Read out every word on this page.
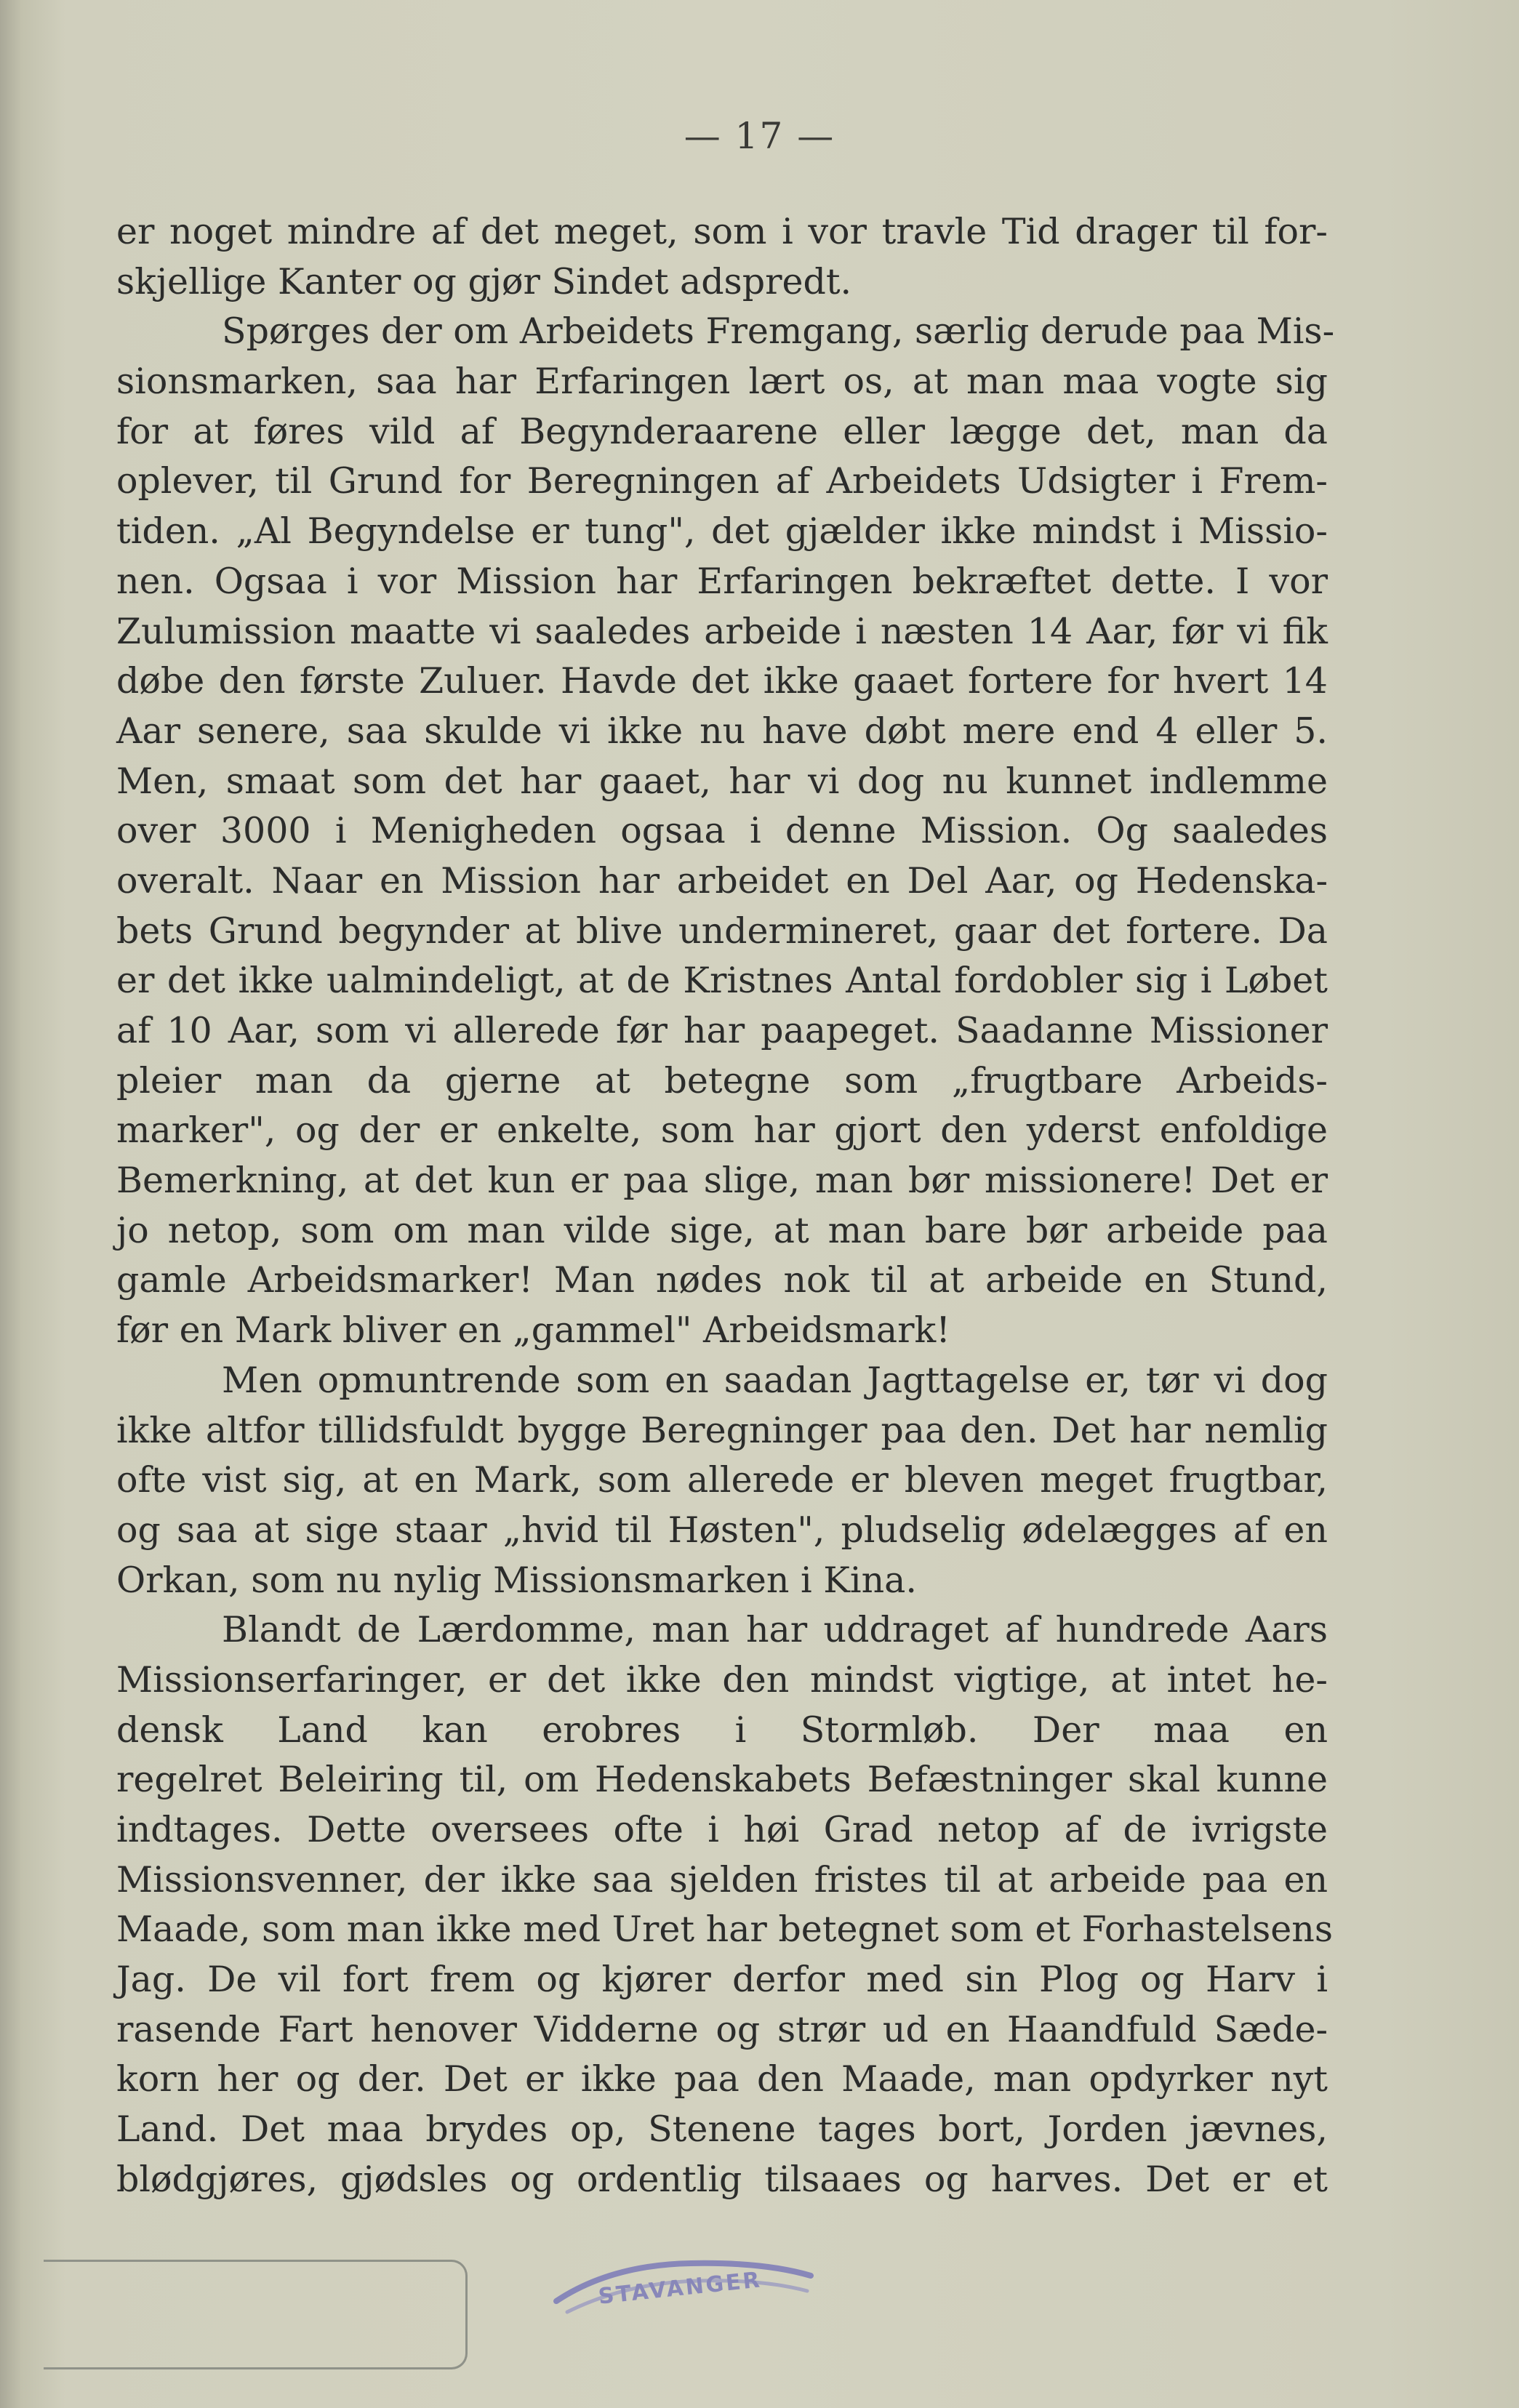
— 17 —
er noget mindre af det meget, som i vor travle Tid drager til for-
skjellige Kanter og gjør Sindet adspredt.
Spørges der om Arbeidets Fremgang, særlig derude paa Mis-
sionsmarken, saa har Erfaringen lært os, at man maa vogte sig
for at føres vild af Begynderaarene eller lægge det, man da
oplever, til Grund for Beregningen af Arbeidets Udsigter i Frem-
tiden. „Al Begyndelse er tung", det gjælder ikke mindst i Missio-
nen. Ogsaa i vor Mission har Erfaringen bekræftet dette. I vor
Zulumission maatte vi saaledes arbeide i næsten 14 Aar, før vi fik
døbe den første Zuluer. Havde det ikke gaaet fortere for hvert 14
Aar senere, saa skulde vi ikke nu have døbt mere end 4 eller 5.
Men, smaat som det har gaaet, har vi dog nu kunnet indlemme
over 3000 i Menigheden ogsaa i denne Mission. Og saaledes
overalt. Naar en Mission har arbeidet en Del Aar, og Hedenska-
bets Grund begynder at blive undermineret, gaar det fortere. Da
er det ikke ualmindeligt, at de Kristnes Antal fordobler sig i Løbet
af 10 Aar, som vi allerede før har paapeget. Saadanne Missioner
pleier man da gjerne at betegne som „frugtbare Arbeids-
marker", og der er enkelte, som har gjort den yderst enfoldige
Bemerkning, at det kun er paa slige, man bør missionere! Det er
jo netop, som om man vilde sige, at man bare bør arbeide paa
gamle Arbeidsmarker! Man nødes nok til at arbeide en Stund,
før en Mark bliver en „gammel" Arbeidsmark!
Men opmuntrende som en saadan Jagttagelse er, tør vi dog
ikke altfor tillidsfuldt bygge Beregninger paa den. Det har nemlig
ofte vist sig, at en Mark, som allerede er bleven meget frugtbar,
og saa at sige staar „hvid til Høsten", pludselig ødelægges af en
Orkan, som nu nylig Missionsmarken i Kina.
Blandt de Lærdomme, man har uddraget af hundrede Aars
Missionserfaringer, er det ikke den mindst vigtige, at intet he-
densk Land kan erobres i Stormløb. Der maa en
regelret Beleiring til, om Hedenskabets Befæstninger skal kunne
indtages. Dette oversees ofte i høi Grad netop af de ivrigste
Missionsvenner, der ikke saa sjelden fristes til at arbeide paa en
Maade, som man ikke med Uret har betegnet som et Forhastelsens
Jag. De vil fort frem og kjører derfor med sin Plog og Harv i
rasende Fart henover Vidderne og strør ud en Haandfuld Sæde-
korn her og der. Det er ikke paa den Maade, man opdyrker nyt
Land. Det maa brydes op, Stenene tages bort, Jorden jævnes,
blødgjøres, gjødsles og ordentlig tilsaaes og harves. Det er et
STAVANGER
